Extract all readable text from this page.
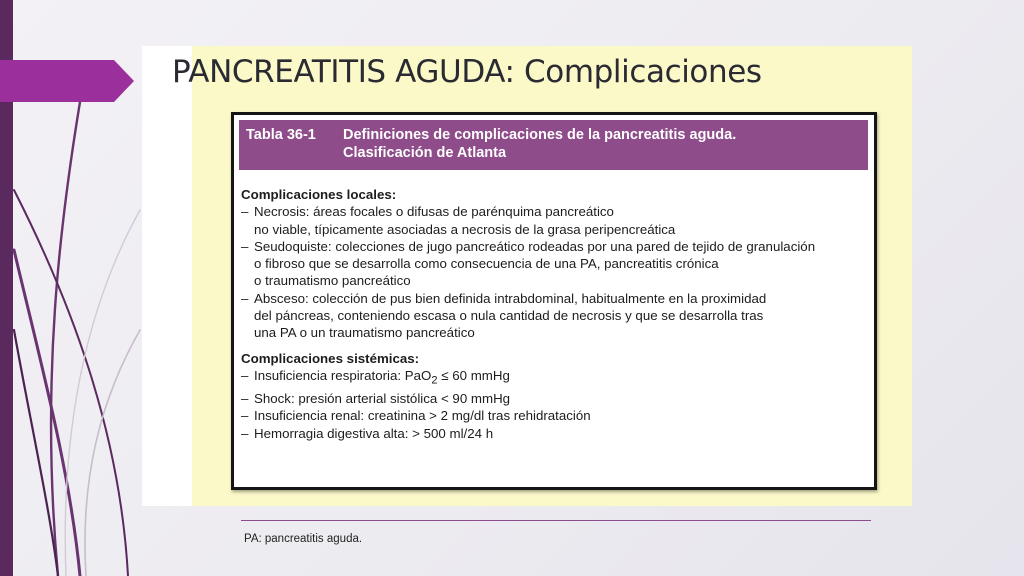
PANCREATITIS AGUDA: Complicaciones
Tabla 36-1 Definiciones de complicaciones de la pancreatitis aguda.
Clasificación de Atlanta
Complicaciones locales:
– Necrosis: áreas focales o difusas de parénquima pancreático
no viable, típicamente asociadas a necrosis de la grasa peripencreática
– Seudoquiste: colecciones de jugo pancreático rodeadas por una pared de tejido de granulación
o fibroso que se desarrolla como consecuencia de una PA, pancreatitis crónica
o traumatismo pancreático
– Absceso: colección de pus bien definida intrabdominal, habitualmente en la proximidad
del páncreas, conteniendo escasa o nula cantidad de necrosis y que se desarrolla tras
una PA o un traumatismo pancreático
Complicaciones sistémicas:
– Insuficiencia respiratoria: PaO$_2$ ≤ 60 mmHg
– Shock: presión arterial sistólica < 90 mmHg
– Insuficiencia renal: creatinina > 2 mg/dl tras rehidratación
– Hemorragia digestiva alta: > 500 ml/24 h
PA: pancreatitis aguda.
